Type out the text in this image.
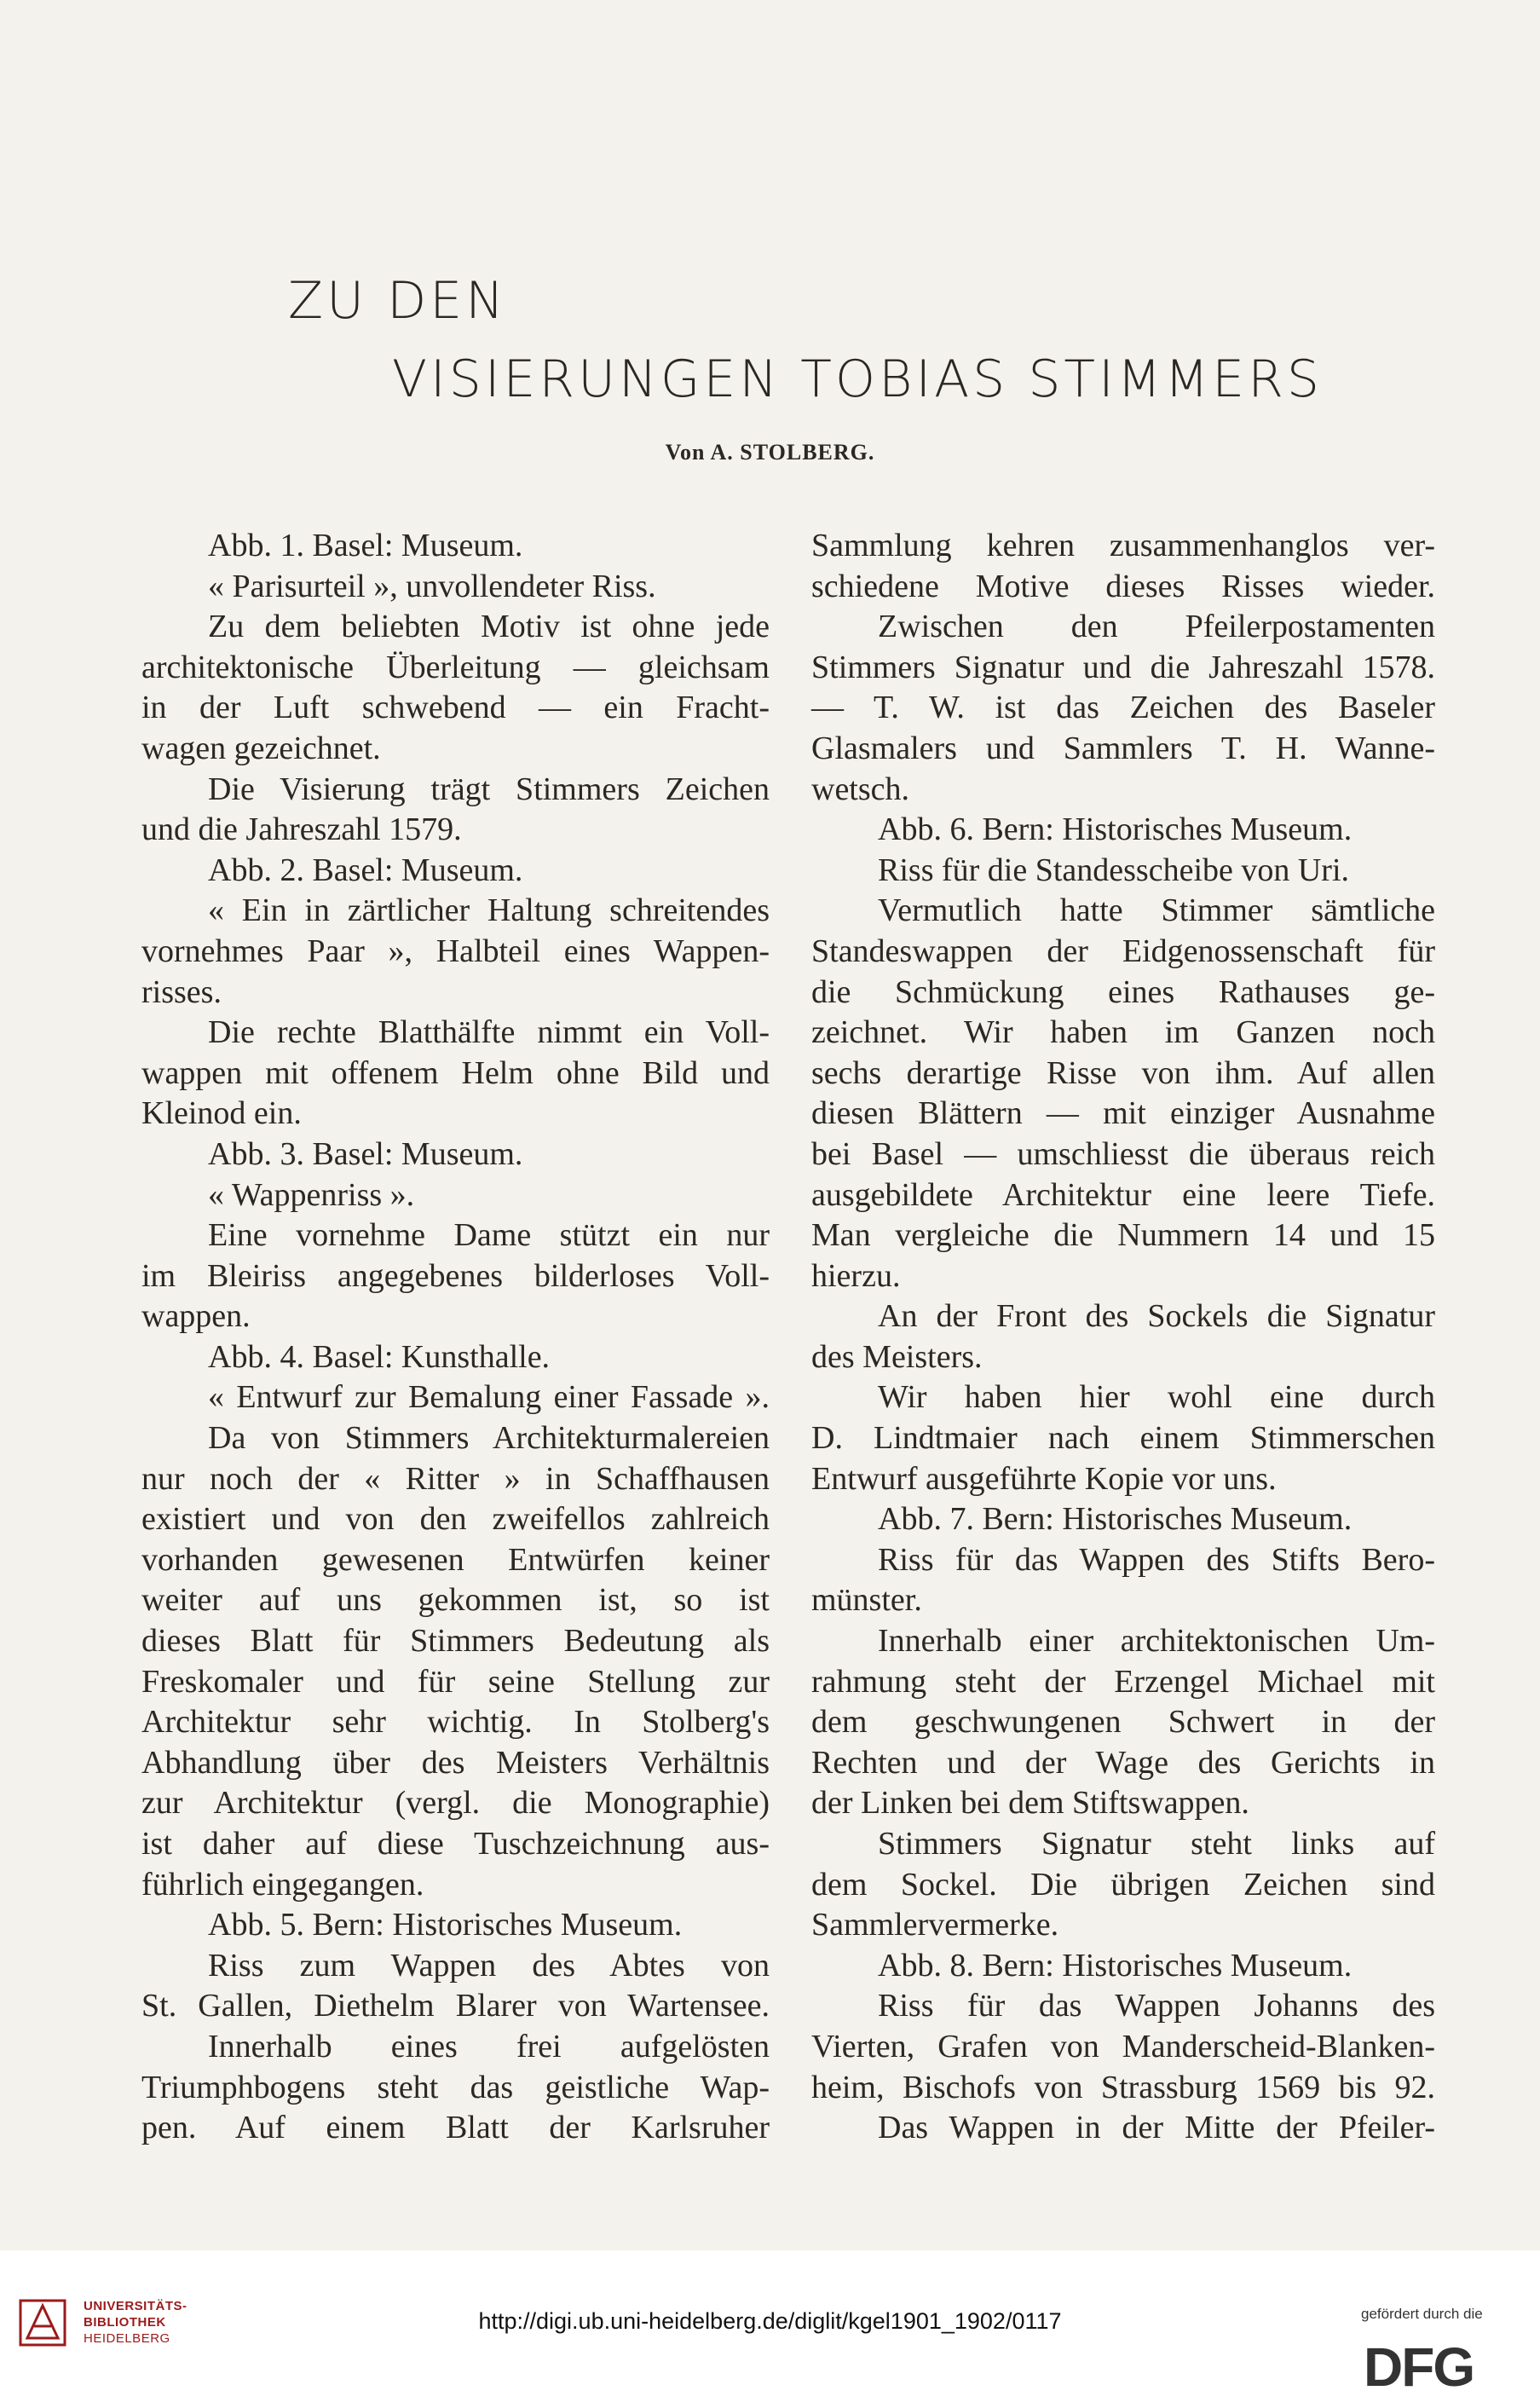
ZU DEN
VISIERUNGEN TOBIAS STIMMERS
Von A. STOLBERG.
Abb. 1. Basel: Museum.
« Parisurteil », unvollendeter Riss.
Zu dem beliebten Motiv ist ohne jede
architektonische Überleitung — gleichsam
in der Luft schwebend — ein Fracht-
wagen gezeichnet.
Die Visierung trägt Stimmers Zeichen
und die Jahreszahl 1579.
Abb. 2. Basel: Museum.
« Ein in zärtlicher Haltung schreitendes
vornehmes Paar », Halbteil eines Wappen-
risses.
Die rechte Blatthälfte nimmt ein Voll-
wappen mit offenem Helm ohne Bild und
Kleinod ein.
Abb. 3. Basel: Museum.
« Wappenriss ».
Eine vornehme Dame stützt ein nur
im Bleiriss angegebenes bilderloses Voll-
wappen.
Abb. 4. Basel: Kunsthalle.
« Entwurf zur Bemalung einer Fassade ».
Da von Stimmers Architekturmalereien
nur noch der « Ritter » in Schaffhausen
existiert und von den zweifellos zahlreich
vorhanden gewesenen Entwürfen keiner
weiter auf uns gekommen ist, so ist
dieses Blatt für Stimmers Bedeutung als
Freskomaler und für seine Stellung zur
Architektur sehr wichtig. In Stolberg's
Abhandlung über des Meisters Verhältnis
zur Architektur (vergl. die Monographie)
ist daher auf diese Tuschzeichnung aus-
führlich eingegangen.
Abb. 5. Bern: Historisches Museum.
Riss zum Wappen des Abtes von
St. Gallen, Diethelm Blarer von Wartensee.
Innerhalb eines frei aufgelösten
Triumphbogens steht das geistliche Wap-
pen. Auf einem Blatt der Karlsruher
Sammlung kehren zusammenhanglos ver-
schiedene Motive dieses Risses wieder.
Zwischen den Pfeilerpostamenten
Stimmers Signatur und die Jahreszahl 1578.
— T. W. ist das Zeichen des Baseler
Glasmalers und Sammlers T. H. Wanne-
wetsch.
Abb. 6. Bern: Historisches Museum.
Riss für die Standesscheibe von Uri.
Vermutlich hatte Stimmer sämtliche
Standeswappen der Eidgenossenschaft für
die Schmückung eines Rathauses ge-
zeichnet. Wir haben im Ganzen noch
sechs derartige Risse von ihm. Auf allen
diesen Blättern — mit einziger Ausnahme
bei Basel — umschliesst die überaus reich
ausgebildete Architektur eine leere Tiefe.
Man vergleiche die Nummern 14 und 15
hierzu.
An der Front des Sockels die Signatur
des Meisters.
Wir haben hier wohl eine durch
D. Lindtmaier nach einem Stimmerschen
Entwurf ausgeführte Kopie vor uns.
Abb. 7. Bern: Historisches Museum.
Riss für das Wappen des Stifts Bero-
münster.
Innerhalb einer architektonischen Um-
rahmung steht der Erzengel Michael mit
dem geschwungenen Schwert in der
Rechten und der Wage des Gerichts in
der Linken bei dem Stiftswappen.
Stimmers Signatur steht links auf
dem Sockel. Die übrigen Zeichen sind
Sammlervermerke.
Abb. 8. Bern: Historisches Museum.
Riss für das Wappen Johanns des
Vierten, Grafen von Manderscheid-Blanken-
heim, Bischofs von Strassburg 1569 bis 92.
Das Wappen in der Mitte der Pfeiler-
UNIVERSITÄTS-
BIBLIOTHEK
HEIDELBERG
http://digi.ub.uni-heidelberg.de/diglit/kgel1901_1902/0117	gefördert durch die
DFG
